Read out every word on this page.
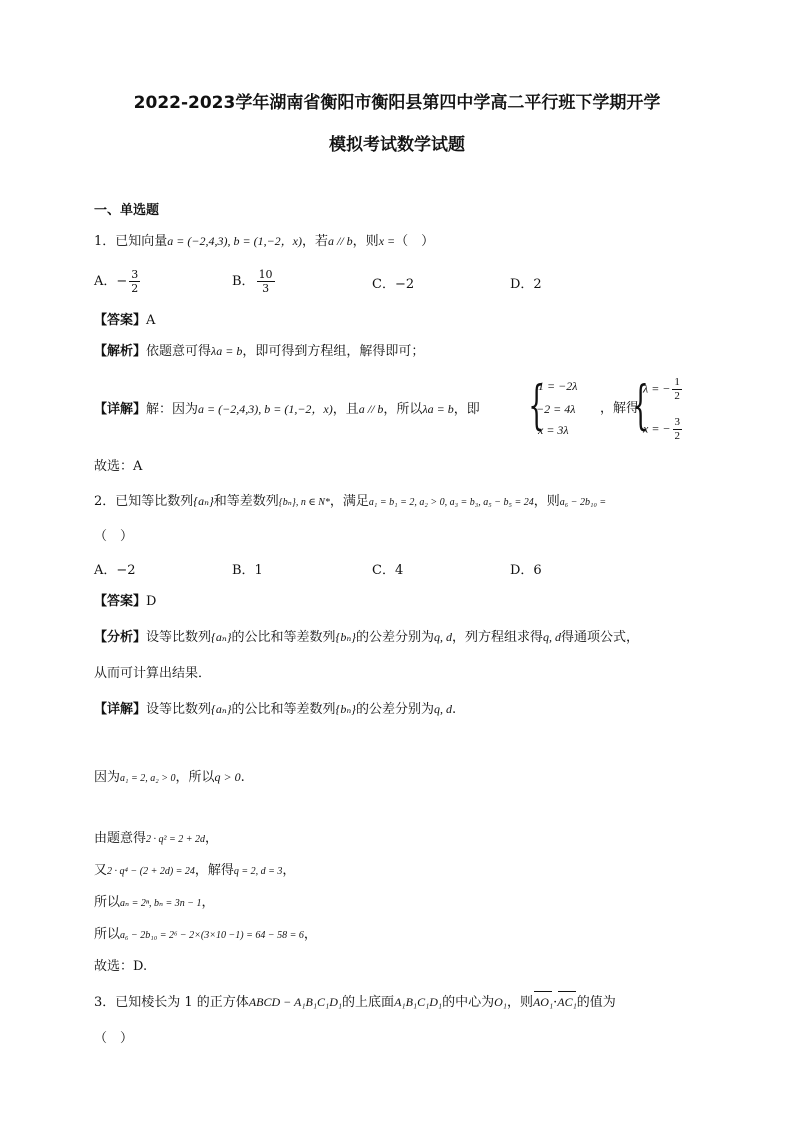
2022-2023学年湖南省衡阳市衡阳县第四中学高二平行班下学期开学
模拟考试数学试题
一、单选题
1．已知向量a = (−2,4,3), b = (1,−2，x)，若a // b，则x =（　）
A．− $\frac{3}{2}$	B． $\frac{10}{3}$	C．−2	D．2
【答案】A
【解析】依题意可得λa = b，即可得到方程组，解得即可；
【详解】解：因为a = (−2,4,3), b = (1,−2，x)，且a // b，所以λa = b，即 {
1 = −2λ
−2 = 4λ
x = 3λ
，解得
{
λ = − $\frac{1}{2}$
x = − $\frac{3}{2}$
故选：A
2．已知等比数列{aₙ}和等差数列{bₙ}, n ∈ N*，满足a₁ = b₁ = 2, a₂ > 0, a₃ = b₃, a₅ − b₅ = 24，则a₆ − 2b₁₀ =
（　）
A．−2	B．1	C．4	D．6
【答案】D
【分析】设等比数列{aₙ}的公比和等差数列{bₙ}的公差分别为q, d，列方程组求得q, d得通项公式，
从而可计算出结果．
【详解】设等比数列{aₙ}的公比和等差数列{bₙ}的公差分别为q, d.
因为a₁ = 2, a₂ > 0，所以q > 0.
由题意得2 · q² = 2 + 2d，
又2 · q⁴ − (2 + 2d) = 24，解得q = 2, d = 3，
所以aₙ = 2ⁿ, bₙ = 3n − 1，
所以a₆ − 2b₁₀ = 2⁶ − 2×(3×10 −1) = 64 − 58 = 6，
故选：D.
3．已知棱长为 1 的正方体ABCD − A₁B₁C₁D₁的上底面A₁B₁C₁D₁的中心为O₁，则AO₁·AC₁的值为
（　）
